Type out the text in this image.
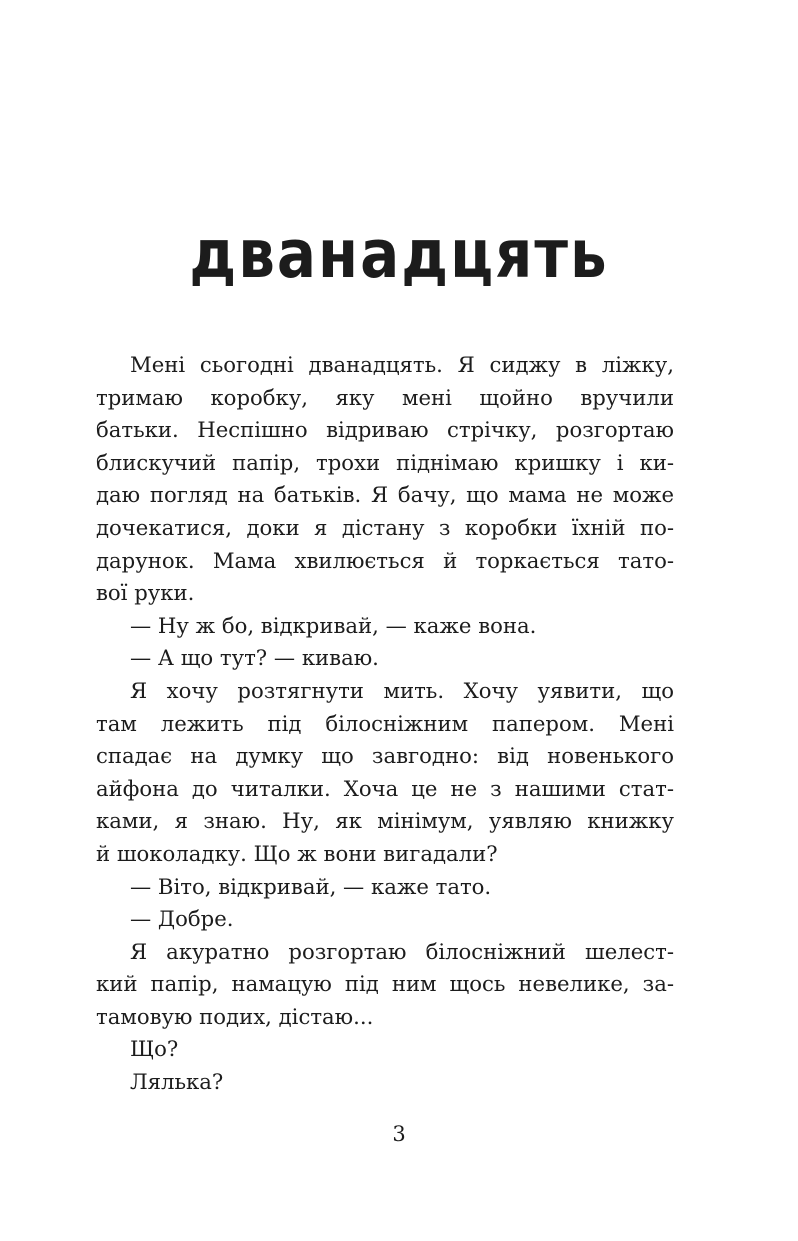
дванадцять
Мені сьогодні дванадцять. Я сиджу в ліжку,
тримаю коробку, яку мені щойно вручили
батьки. Неспішно відриваю стрічку, розгортаю
блискучий папір, трохи піднімаю кришку і ки-
даю погляд на батьків. Я бачу, що мама не може
дочекатися, доки я дістану з коробки їхній по-
дарунок. Мама хвилюється й торкається тато-
вої руки.
— Ну ж бо, відкривай, — каже вона.
— А що тут? — киваю.
Я хочу розтягнути мить. Хочу уявити, що
там лежить під білосніжним папером. Мені
спадає на думку що завгодно: від новенького
айфона до читалки. Хоча це не з нашими стат-
ками, я знаю. Ну, як мінімум, уявляю книжку
й шоколадку. Що ж вони вигадали?
— Віто, відкривай, — каже тато.
— Добре.
Я акуратно розгортаю білосніжний шелест-
кий папір, намацую під ним щось невелике, за-
тамовую подих, дістаю...
Що?
Лялька?
3
